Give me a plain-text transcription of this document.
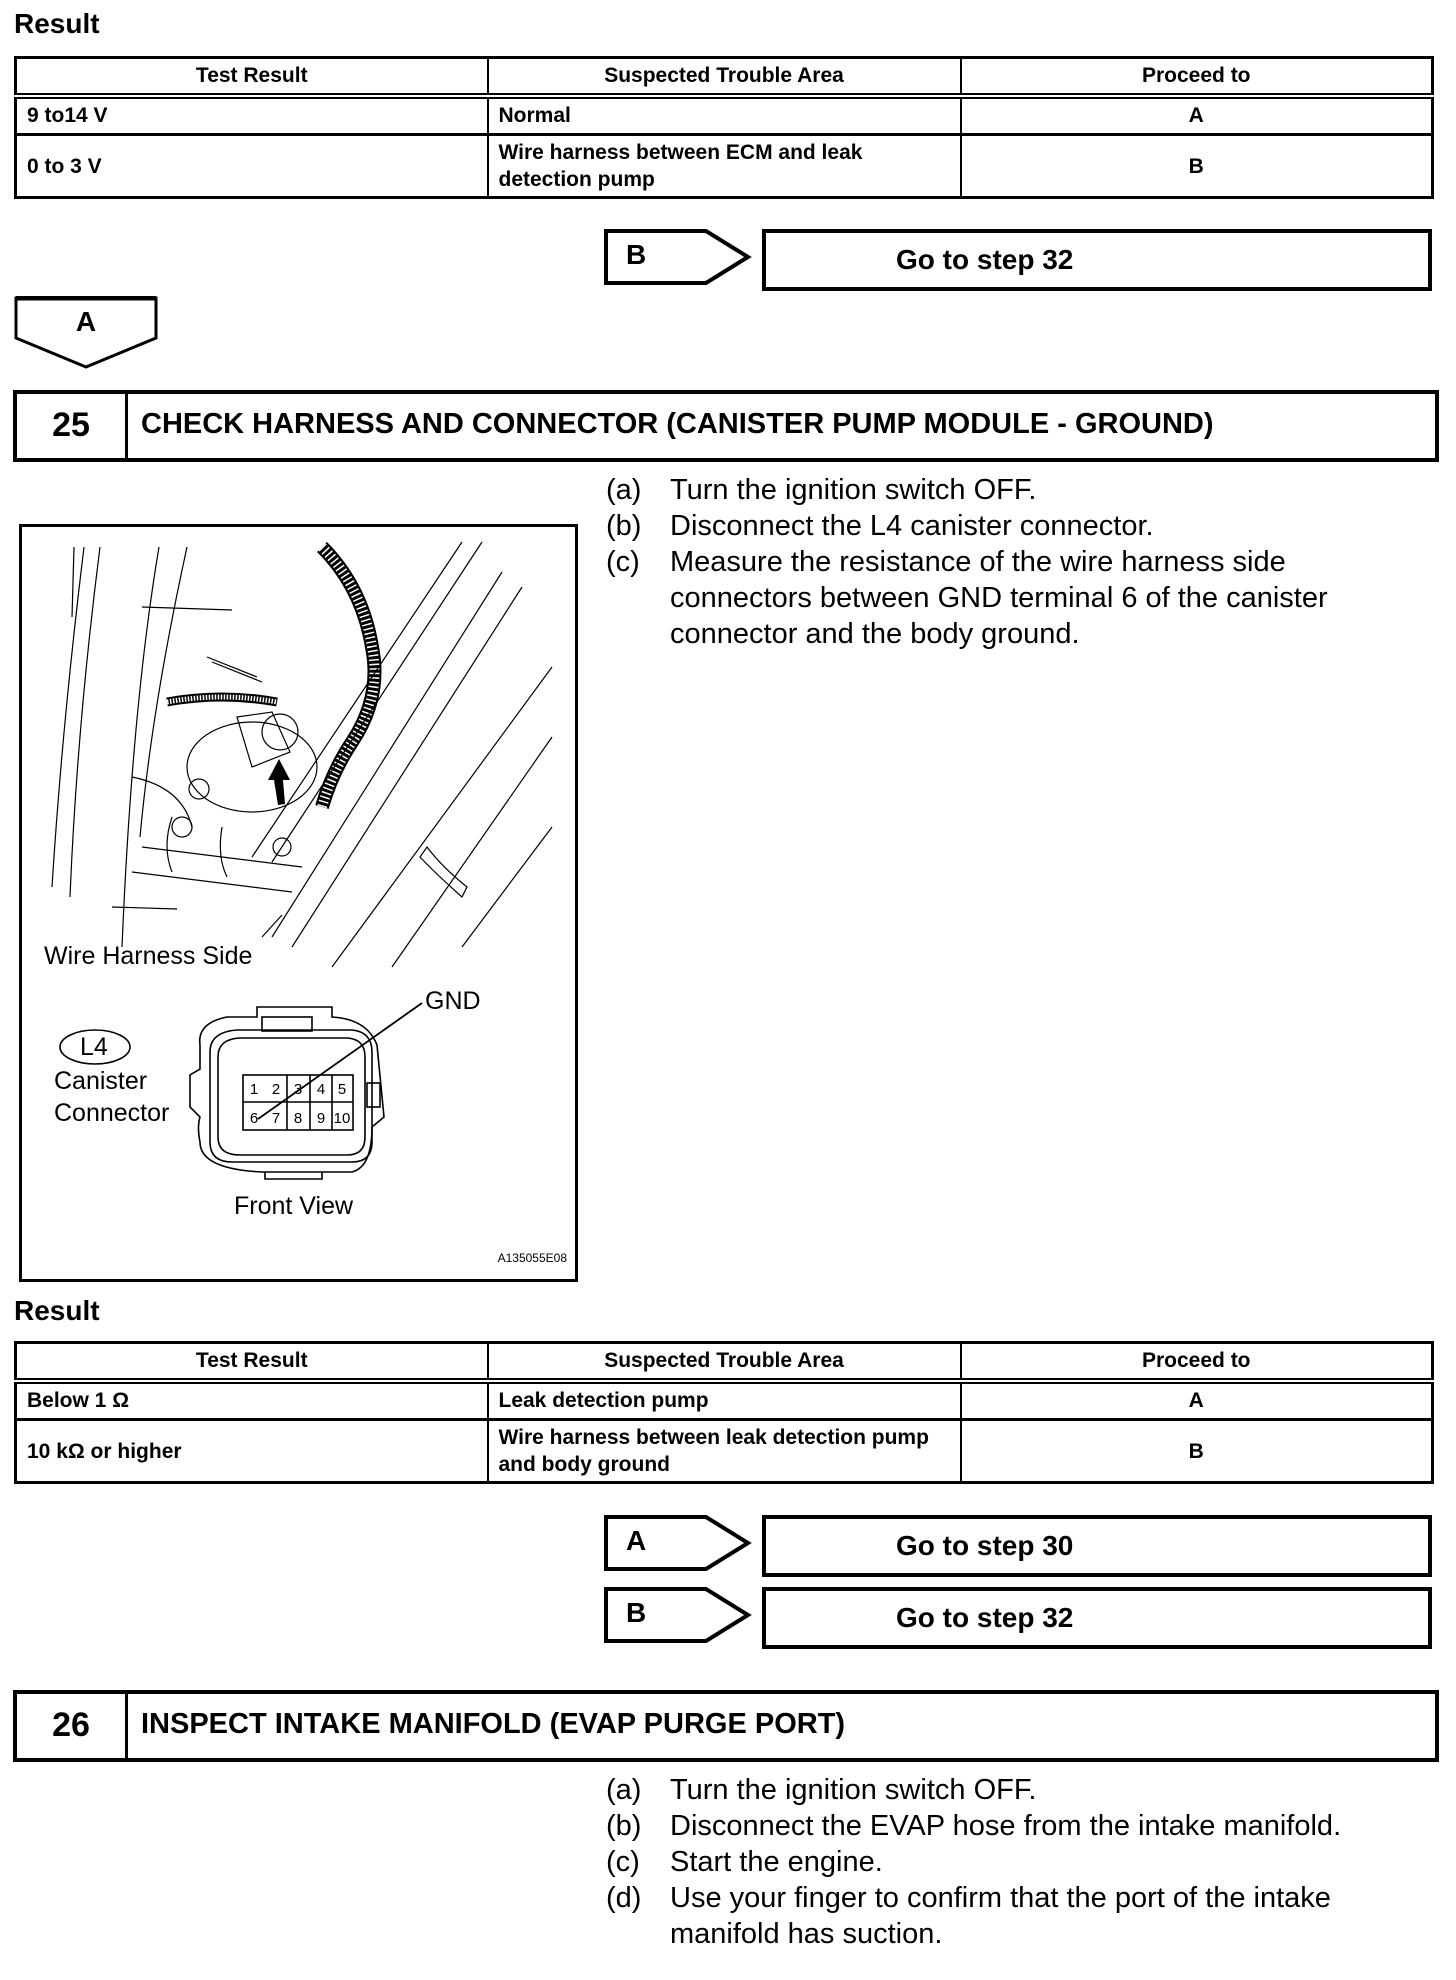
Result
Test Result	Suspected Trouble Area	Proceed to
9 to14 V	Normal	A
0 to 3 V	Wire harness between ECM and leak detection pump	B
B	Go to step 32
A
25	CHECK HARNESS AND CONNECTOR (CANISTER PUMP MODULE - GROUND)
(a) Turn the ignition switch OFF.
(b) Disconnect the L4 canister connector.
(c)	Measure the resistance of the wire harness side connectors between GND terminal 6 of the canister connector and the body ground.
1 2 3 4 5
6 7 8 9 10
Wire Harness Side
GND
L4
Canister
Connector
Front View
A135055E08
Result
Test Result	Suspected Trouble Area	Proceed to
Below 1 Ω	Leak detection pump	A
10 kΩ or higher	Wire harness between leak detection pump and body ground	B
A	Go to step 30
B	Go to step 32
26	INSPECT INTAKE MANIFOLD (EVAP PURGE PORT)
(a) Turn the ignition switch OFF.
(b) Disconnect the EVAP hose from the intake manifold.
(c)	Start the engine.
(d) Use your finger to confirm that the port of the intake manifold has suction.
